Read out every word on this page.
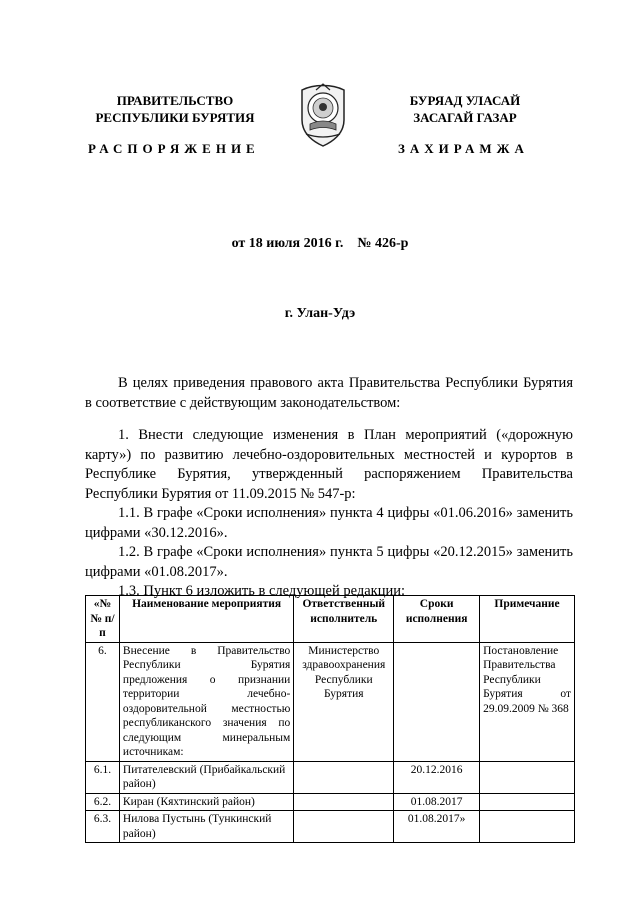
ПРАВИТЕЛЬСТВО
РЕСПУБЛИКИ БУРЯТИЯ
БУРЯАД УЛАСАЙ
ЗАСАГАЙ ГАЗАР
РАСПОРЯЖЕНИЕ	ЗАХИРАМЖА
от 18 июля 2016 г.    № 426-р
г. Улан-Удэ

В целях приведения правового акта Правительства Республики Бурятия в соответствие с действующим законодательством:

1. Внести следующие изменения в План мероприятий («дорожную карту») по развитию лечебно-оздоровительных местностей и курортов в Республике Бурятия, утвержденный распоряжением Правительства Республики Бурятия от 11.09.2015 № 547-р:

1.1. В графе «Сроки исполнения» пункта 4 цифры «01.06.2016» заменить цифрами «30.12.2016».

1.2. В графе «Сроки исполнения» пункта 5 цифры «20.12.2015» заменить цифрами «01.08.2017».

1.3. Пункт 6 изложить в следующей редакции:

«№№ п/п	Наименование мероприятия	Ответственный исполнитель	Сроки исполнения	Примечание
6.	Внесение в Правительство Республики Бурятия предложения о признании территории лечебно-оздоровительной местностью республиканского значения по следующим минеральным источникам:	Министерство здравоохранения Республики Бурятия		Постановление Правительства Республики Бурятия от 29.09.2009 № 368
6.1.	Питателевский (Прибайкальский район)		20.12.2016	
6.2.	Киран (Кяхтинский район)		01.08.2017	
6.3.	Нилова Пустынь (Тункинский район)		01.08.2017»	
